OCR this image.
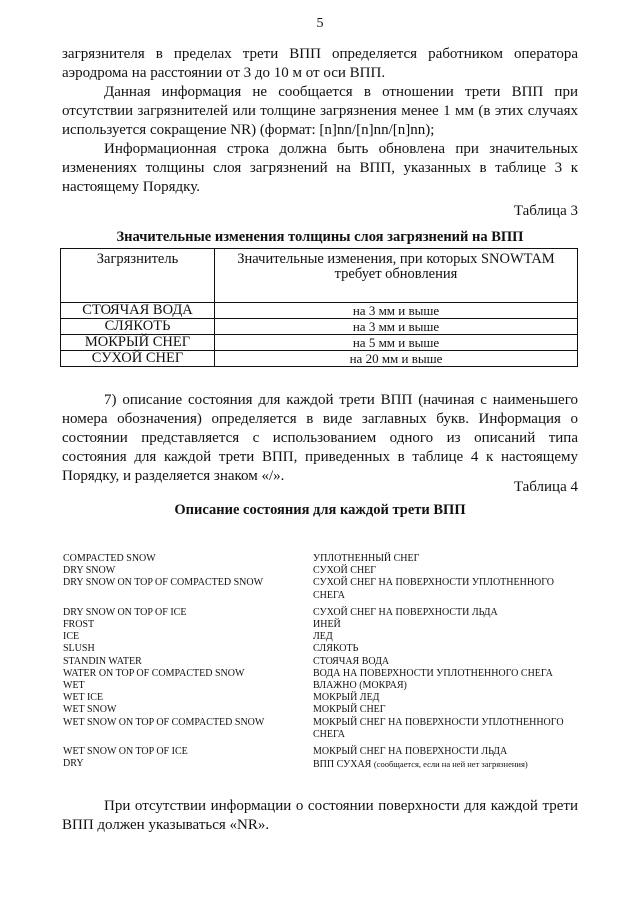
5
загрязнителя в пределах трети ВПП определяется работником оператора аэродрома на расстоянии от 3 до 10 м от оси ВПП.
Данная информация не сообщается в отношении трети ВПП при отсутствии загрязнителей или толщине загрязнения менее 1 мм (в этих случаях используется сокращение NR) (формат: [n]nn/[n]nn/[n]nn);
Информационная строка должна быть обновлена при значительных изменениях толщины слоя загрязнений на ВПП, указанных в таблице 3 к настоящему Порядку.
Таблица 3
Значительные изменения толщины слоя загрязнений на ВПП
Загрязнитель	Значительные изменения, при которых SNOWTAM требует обновления
СТОЯЧАЯ ВОДА	на 3 мм и выше
СЛЯКОТЬ	на 3 мм и выше
МОКРЫЙ СНЕГ	на 5 мм и выше
СУХОЙ СНЕГ	на 20 мм и выше
7) описание состояния для каждой трети ВПП (начиная с наименьшего номера обозначения) определяется в виде заглавных букв. Информация о состоянии представляется с использованием одного из описаний типа состояния для каждой трети ВПП, приведенных в таблице 4 к настоящему Порядку, и разделяется знаком «/».
Таблица 4
Описание состояния для каждой трети ВПП
COMPACTED SNOW	УПЛОТНЕННЫЙ СНЕГ
DRY SNOW	СУХОЙ СНЕГ
DRY SNOW ON TOP OF COMPACTED SNOW	СУХОЙ СНЕГ НА ПОВЕРХНОСТИ УПЛОТНЕННОГО СНЕГА
DRY SNOW ON TOP OF ICE	СУХОЙ СНЕГ НА ПОВЕРХНОСТИ ЛЬДА
FROST	ИНЕЙ
ICE	ЛЕД
SLUSH	СЛЯКОТЬ
STANDIN WATER	СТОЯЧАЯ ВОДА
WATER ON TOP OF COMPACTED SNOW	ВОДА НА ПОВЕРХНОСТИ УПЛОТНЕННОГО СНЕГА
WET	ВЛАЖНО (МОКРАЯ)
WET ICE	МОКРЫЙ ЛЕД
WET SNOW	МОКРЫЙ СНЕГ
WET SNOW ON TOP OF COMPACTED SNOW	МОКРЫЙ СНЕГ НА ПОВЕРХНОСТИ УПЛОТНЕННОГО СНЕГА
WET SNOW ON TOP OF ICE	МОКРЫЙ СНЕГ НА ПОВЕРХНОСТИ ЛЬДА
DRY	ВПП СУХАЯ (сообщается, если на ней нет загрязнения)
При отсутствии информации о состоянии поверхности для каждой трети ВПП должен указываться «NR».
